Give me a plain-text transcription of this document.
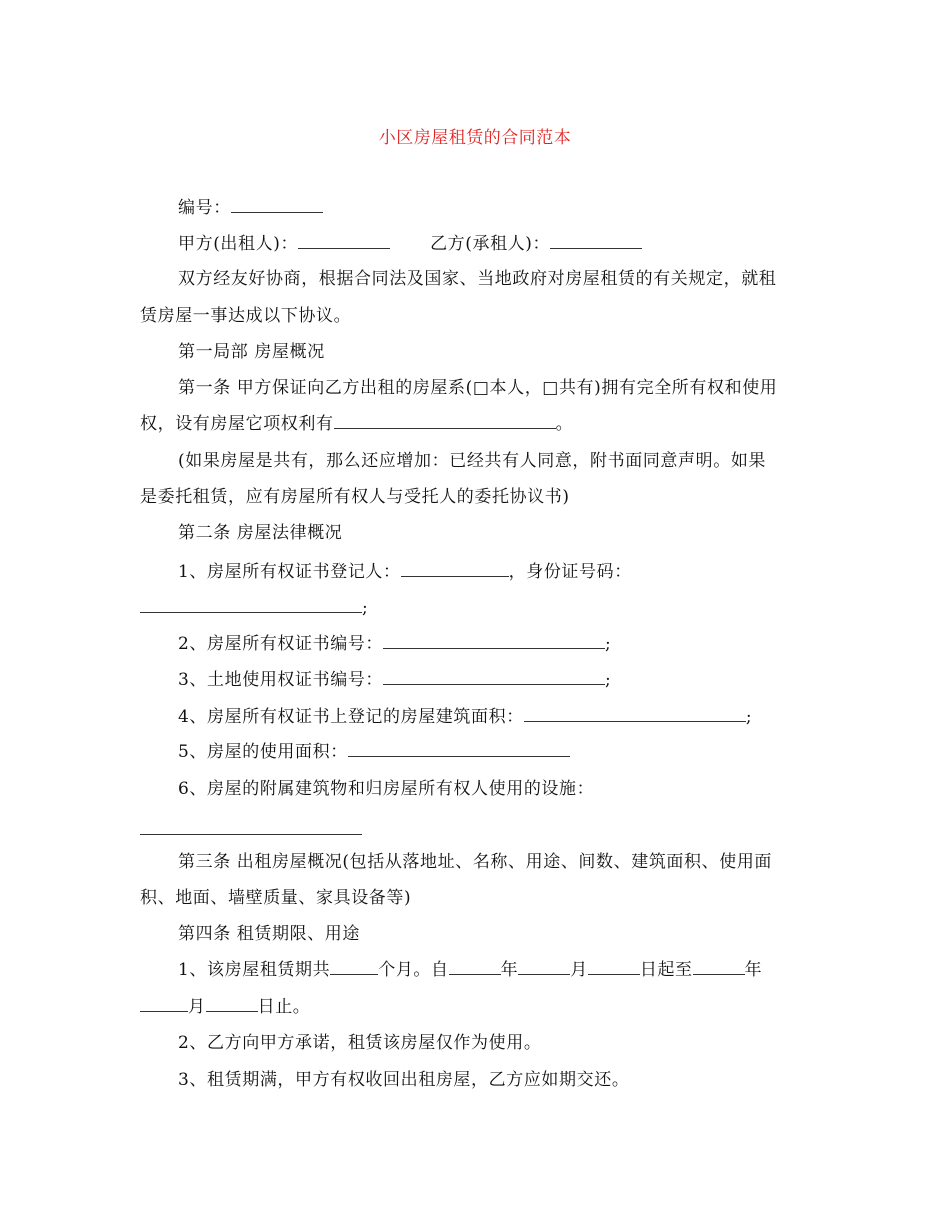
小区房屋租赁的合同范本
编号：
甲方(出租人)：	乙方(承租人)：
双方经友好协商，根据合同法及国家、当地政府对房屋租赁的有关规定，就租
赁房屋一事达成以下协议。
第一局部 房屋概况
第一条 甲方保证向乙方出租的房屋系(□本人，□共有)拥有完全所有权和使用
权，设有房屋它项权利有	。
(如果房屋是共有，那么还应增加：已经共有人同意，附书面同意声明。如果
是委托租赁，应有房屋所有权人与受托人的委托协议书)
第二条 房屋法律概况
1、房屋所有权证书登记人：	，身份证号码：
;
2、房屋所有权证书编号：	;
3、土地使用权证书编号：	;
4、房屋所有权证书上登记的房屋建筑面积：	;
5、房屋的使用面积：
6、房屋的附属建筑物和归房屋所有权人使用的设施：
第三条 出租房屋概况(包括从落地址、名称、用途、间数、建筑面积、使用面
积、地面、墙壁质量、家具设备等)
第四条 租赁期限、用途
1、该房屋租赁期共	个月。自	年	月	日起至	年
月	日止。
2、乙方向甲方承诺，租赁该房屋仅作为使用。
3、租赁期满，甲方有权收回出租房屋，乙方应如期交还。
